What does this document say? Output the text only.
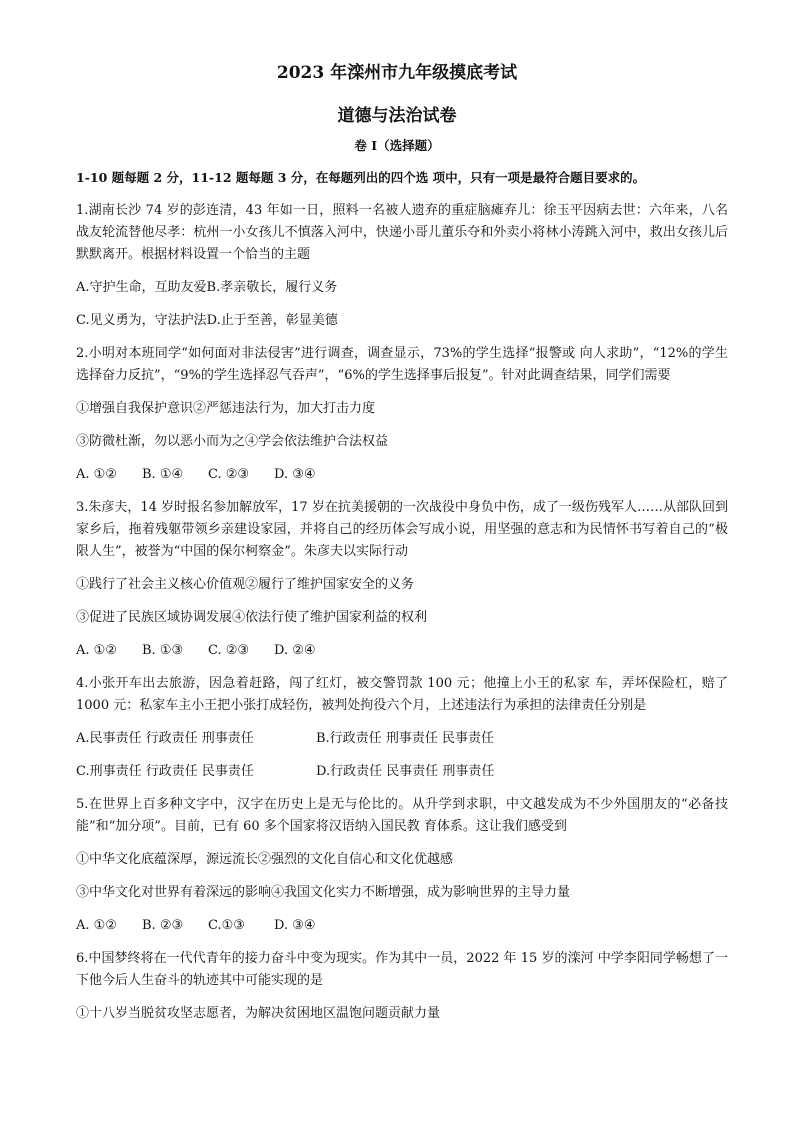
2023 年滦州市九年级摸底考试
道德与法治试卷
卷 I（选择题）
1-10 题每题 2 分，11-12 题每题 3 分，在每题列出的四个选 项中，只有一项是最符合题目要求的。

1.湖南长沙 74 岁的彭连清，43 年如一日，照料一名被人遗弃的重症脑瘫弃儿：徐玉平因病去世：六年来，八名战友轮流替他尽孝：杭州一小女孩儿不慎落入河中，快递小哥儿董乐夺和外卖小将林小涛跳入河中，救出女孩儿后默默离开。根据材料设置一个恰当的主题

A.守护生命，互助友爱B.孝亲敬长，履行义务
C.见义勇为，守法护法D.止于至善，彰显美德

2.小明对本班同学“如何面对非法侵害”进行调查，调查显示，73%的学生选择“报警或 向人求助”，“12%的学生选择奋力反抗”，“9%的学生选择忍气吞声”，“6%的学生选择事后报复”。针对此调查结果，同学们需要

①增强自我保护意识②严惩违法行为，加大打击力度
③防微杜渐，勿以恶小而为之④学会依法维护合法权益
A. ①② B. ①④ C. ②③ D. ③④

3.朱彦夫，14 岁时报名参加解放军，17 岁在抗美援朝的一次战役中身负中伤，成了一级伤残军人……从部队回到家乡后，拖着残躯带领乡亲建设家园，并将自己的经历体会写成小说，用坚强的意志和为民情怀书写着自己的“极限人生”，被誉为“中国的保尔柯察金”。朱彦夫以实际行动

①践行了社会主义核心价值观②履行了维护国家安全的义务
③促进了民族区域协调发展④依法行使了维护国家利益的权利
A. ①② B. ①③ C. ②③ D. ②④

4.小张开车出去旅游，因急着赶路，闯了红灯，被交警罚款 100 元；他撞上小王的私家 车，弄坏保险杠，赔了 1000 元：私家车主小王把小张打成轻伤，被判处拘役六个月，上述违法行为承担的法律责任分别是

A.民事责任 行政责任 刑事责任	B.行政责任 刑事责任 民事责任
C.刑事责任 行政责任 民事责任	D.行政责任 民事责任 刑事责任

5.在世界上百多种文字中，汉字在历史上是无与伦比的。从升学到求职，中文越发成为不少外国朋友的“必备技能”和“加分项”。目前，已有 60 多个国家将汉语纳入国民教 育体系。这让我们感受到

①中华文化底蕴深厚，源远流长②强烈的文化自信心和文化优越感
③中华文化对世界有着深远的影响④我国文化实力不断增强，成为影响世界的主导力量
A. ①② B. ②③ C.①③ D. ③④

6.中国梦终将在一代代青年的接力奋斗中变为现实。作为其中一员，2022 年 15 岁的滦河 中学李阳同学畅想了一下他今后人生奋斗的轨迹其中可能实现的是

①十八岁当脱贫攻坚志愿者，为解决贫困地区温饱问题贡献力量
